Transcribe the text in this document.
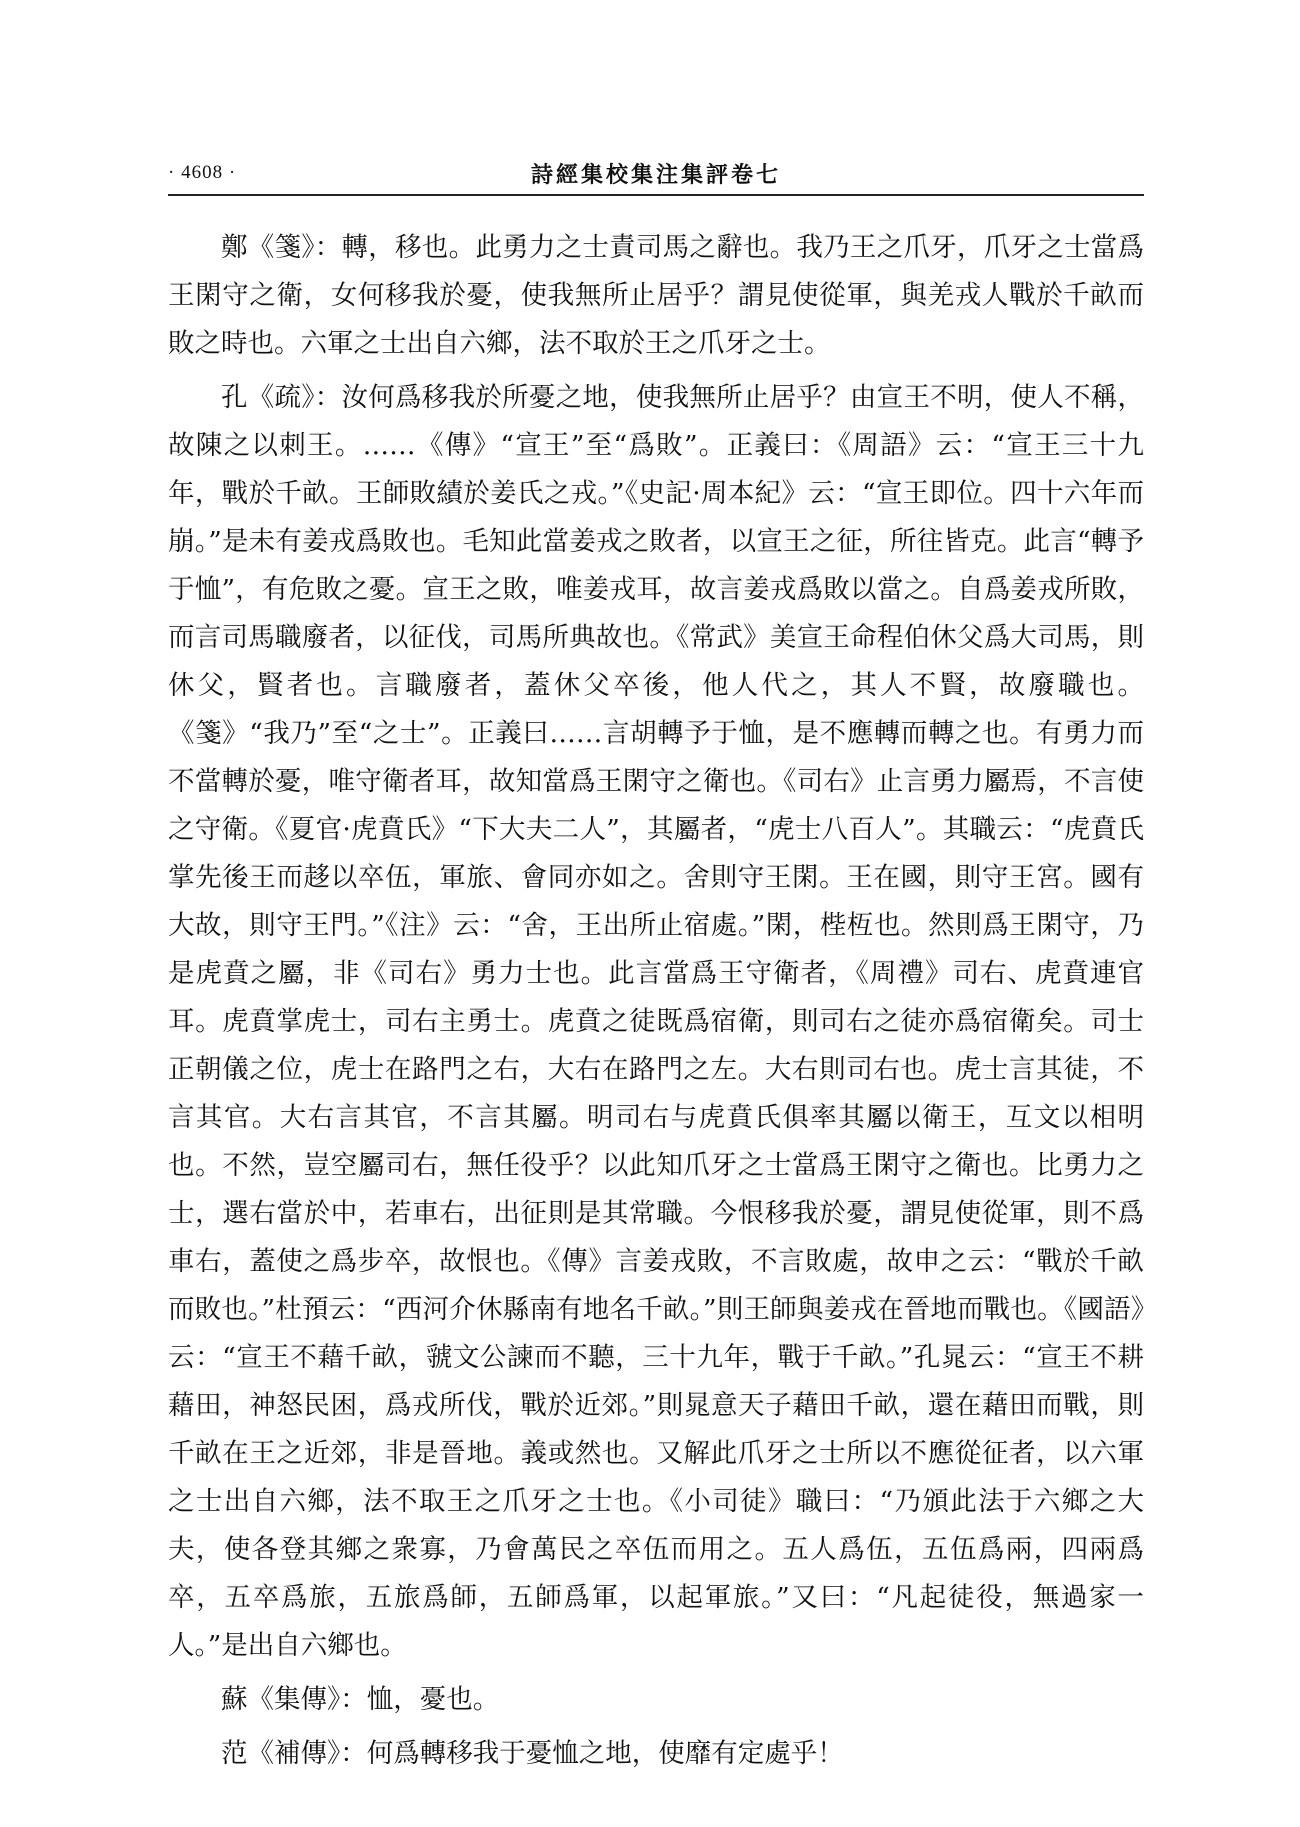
· 4608 ·	詩經集校集注集評卷七

鄭《箋》：轉，移也。此勇力之士責司馬之辭也。我乃王之爪牙，爪牙之士當爲王閑守之衛，女何移我於憂，使我無所止居乎？謂見使從軍，與羌戎人戰於千畝而敗之時也。六軍之士出自六鄉，法不取於王之爪牙之士。

孔《疏》：汝何爲移我於所憂之地，使我無所止居乎？由宣王不明，使人不稱，故陳之以刺王。……《傳》“宣王”至“爲敗”。正義曰：《周語》云：“宣王三十九年，戰於千畝。王師敗績於姜氏之戎。”《史記·周本紀》云：“宣王即位。四十六年而崩。”是未有姜戎爲敗也。毛知此當姜戎之敗者，以宣王之征，所往皆克。此言“轉予于恤”，有危敗之憂。宣王之敗，唯姜戎耳，故言姜戎爲敗以當之。自爲姜戎所敗，而言司馬職廢者，以征伐，司馬所典故也。《常武》美宣王命程伯休父爲大司馬，則休父，賢者也。言職廢者，蓋休父卒後，他人代之，其人不賢，故廢職也。《箋》“我乃”至“之士”。正義曰……言胡轉予于恤，是不應轉而轉之也。有勇力而不當轉於憂，唯守衛者耳，故知當爲王閑守之衛也。《司右》止言勇力屬焉，不言使之守衛。《夏官·虎賁氏》“下大夫二人”，其屬者，“虎士八百人”。其職云：“虎賁氏掌先後王而趍以卒伍，軍旅、會同亦如之。舍則守王閑。王在國，則守王宮。國有大故，則守王門。”《注》云：“舍，王出所止宿處。”閑，梐枑也。然則爲王閑守，乃是虎賁之屬，非《司右》勇力士也。此言當爲王守衛者，《周禮》司右、虎賁連官耳。虎賁掌虎士，司右主勇士。虎賁之徒既爲宿衛，則司右之徒亦爲宿衛矣。司士正朝儀之位，虎士在路門之右，大右在路門之左。大右則司右也。虎士言其徒，不言其官。大右言其官，不言其屬。明司右与虎賁氏俱率其屬以衛王，互文以相明也。不然，豈空屬司右，無任役乎？以此知爪牙之士當爲王閑守之衛也。比勇力之士，選右當於中，若車右，出征則是其常職。今恨移我於憂，謂見使從軍，則不爲車右，蓋使之爲步卒，故恨也。《傳》言姜戎敗，不言敗處，故申之云：“戰於千畝而敗也。”杜預云：“西河介休縣南有地名千畝。”則王師與姜戎在晉地而戰也。《國語》云：“宣王不藉千畝，虢文公諫而不聽，三十九年，戰于千畝。”孔晁云：“宣王不耕藉田，神怒民困，爲戎所伐，戰於近郊。”則晁意天子藉田千畝，還在藉田而戰，則千畝在王之近郊，非是晉地。義或然也。又解此爪牙之士所以不應從征者，以六軍之士出自六鄉，法不取王之爪牙之士也。《小司徒》職曰：“乃頒此法于六鄉之大夫，使各登其鄉之衆寡，乃會萬民之卒伍而用之。五人爲伍，五伍爲兩，四兩爲卒，五卒爲旅，五旅爲師，五師爲軍，以起軍旅。”又曰：“凡起徒役，無過家一人。”是出自六鄉也。

蘇《集傳》：恤，憂也。

范《補傳》：何爲轉移我于憂恤之地，使靡有定處乎！
